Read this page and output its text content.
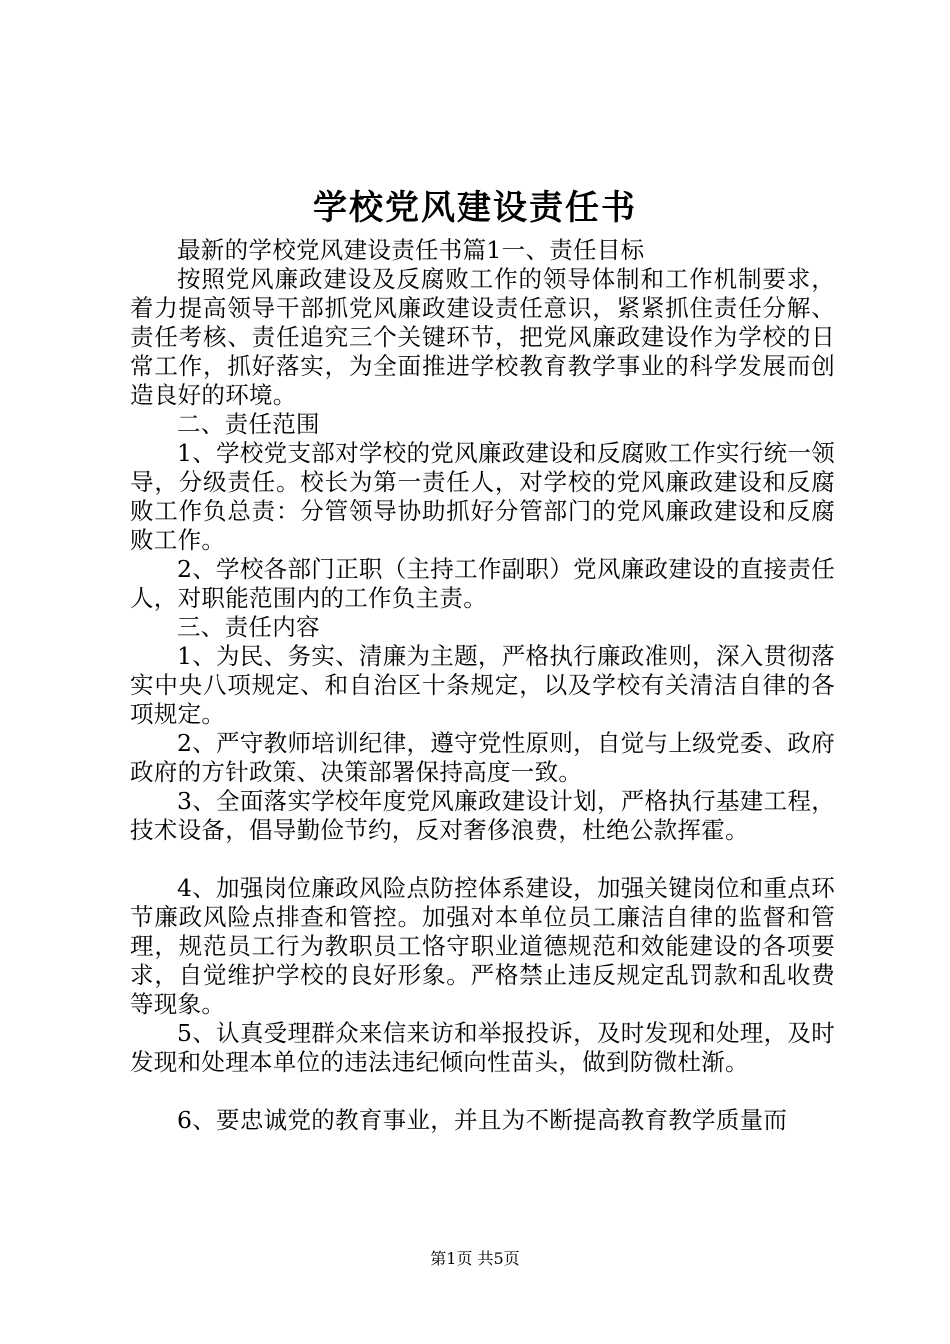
学校党风建设责任书

最新的学校党风建设责任书篇1一、责任目标

按照党风廉政建设及反腐败工作的领导体制和工作机制要求，着力提高领导干部抓党风廉政建设责任意识，紧紧抓住责任分解、责任考核、责任追究三个关键环节，把党风廉政建设作为学校的日常工作，抓好落实，为全面推进学校教育教学事业的科学发展而创造良好的环境。

二、责任范围

1、学校党支部对学校的党风廉政建设和反腐败工作实行统一领导，分级责任。校长为第一责任人，对学校的党风廉政建设和反腐败工作负总责：分管领导协助抓好分管部门的党风廉政建设和反腐败工作。

2、学校各部门正职（主持工作副职）党风廉政建设的直接责任人，对职能范围内的工作负主责。

三、责任内容

1、为民、务实、清廉为主题，严格执行廉政准则，深入贯彻落实中央八项规定、和自治区十条规定，以及学校有关清洁自律的各项规定。

2、严守教师培训纪律，遵守党性原则，自觉与上级党委、政府政府的方针政策、决策部署保持高度一致。

3、全面落实学校年度党风廉政建设计划，严格执行基建工程，技术设备，倡导勤俭节约，反对奢侈浪费，杜绝公款挥霍。

4、加强岗位廉政风险点防控体系建设，加强关键岗位和重点环节廉政风险点排查和管控。加强对本单位员工廉洁自律的监督和管理，规范员工行为教职员工恪守职业道德规范和效能建设的各项要求，自觉维护学校的良好形象。严格禁止违反规定乱罚款和乱收费等现象。

5、认真受理群众来信来访和举报投诉，及时发现和处理，及时发现和处理本单位的违法违纪倾向性苗头，做到防微杜渐。

6、要忠诚党的教育事业，并且为不断提高教育教学质量而

第1页 共5页
